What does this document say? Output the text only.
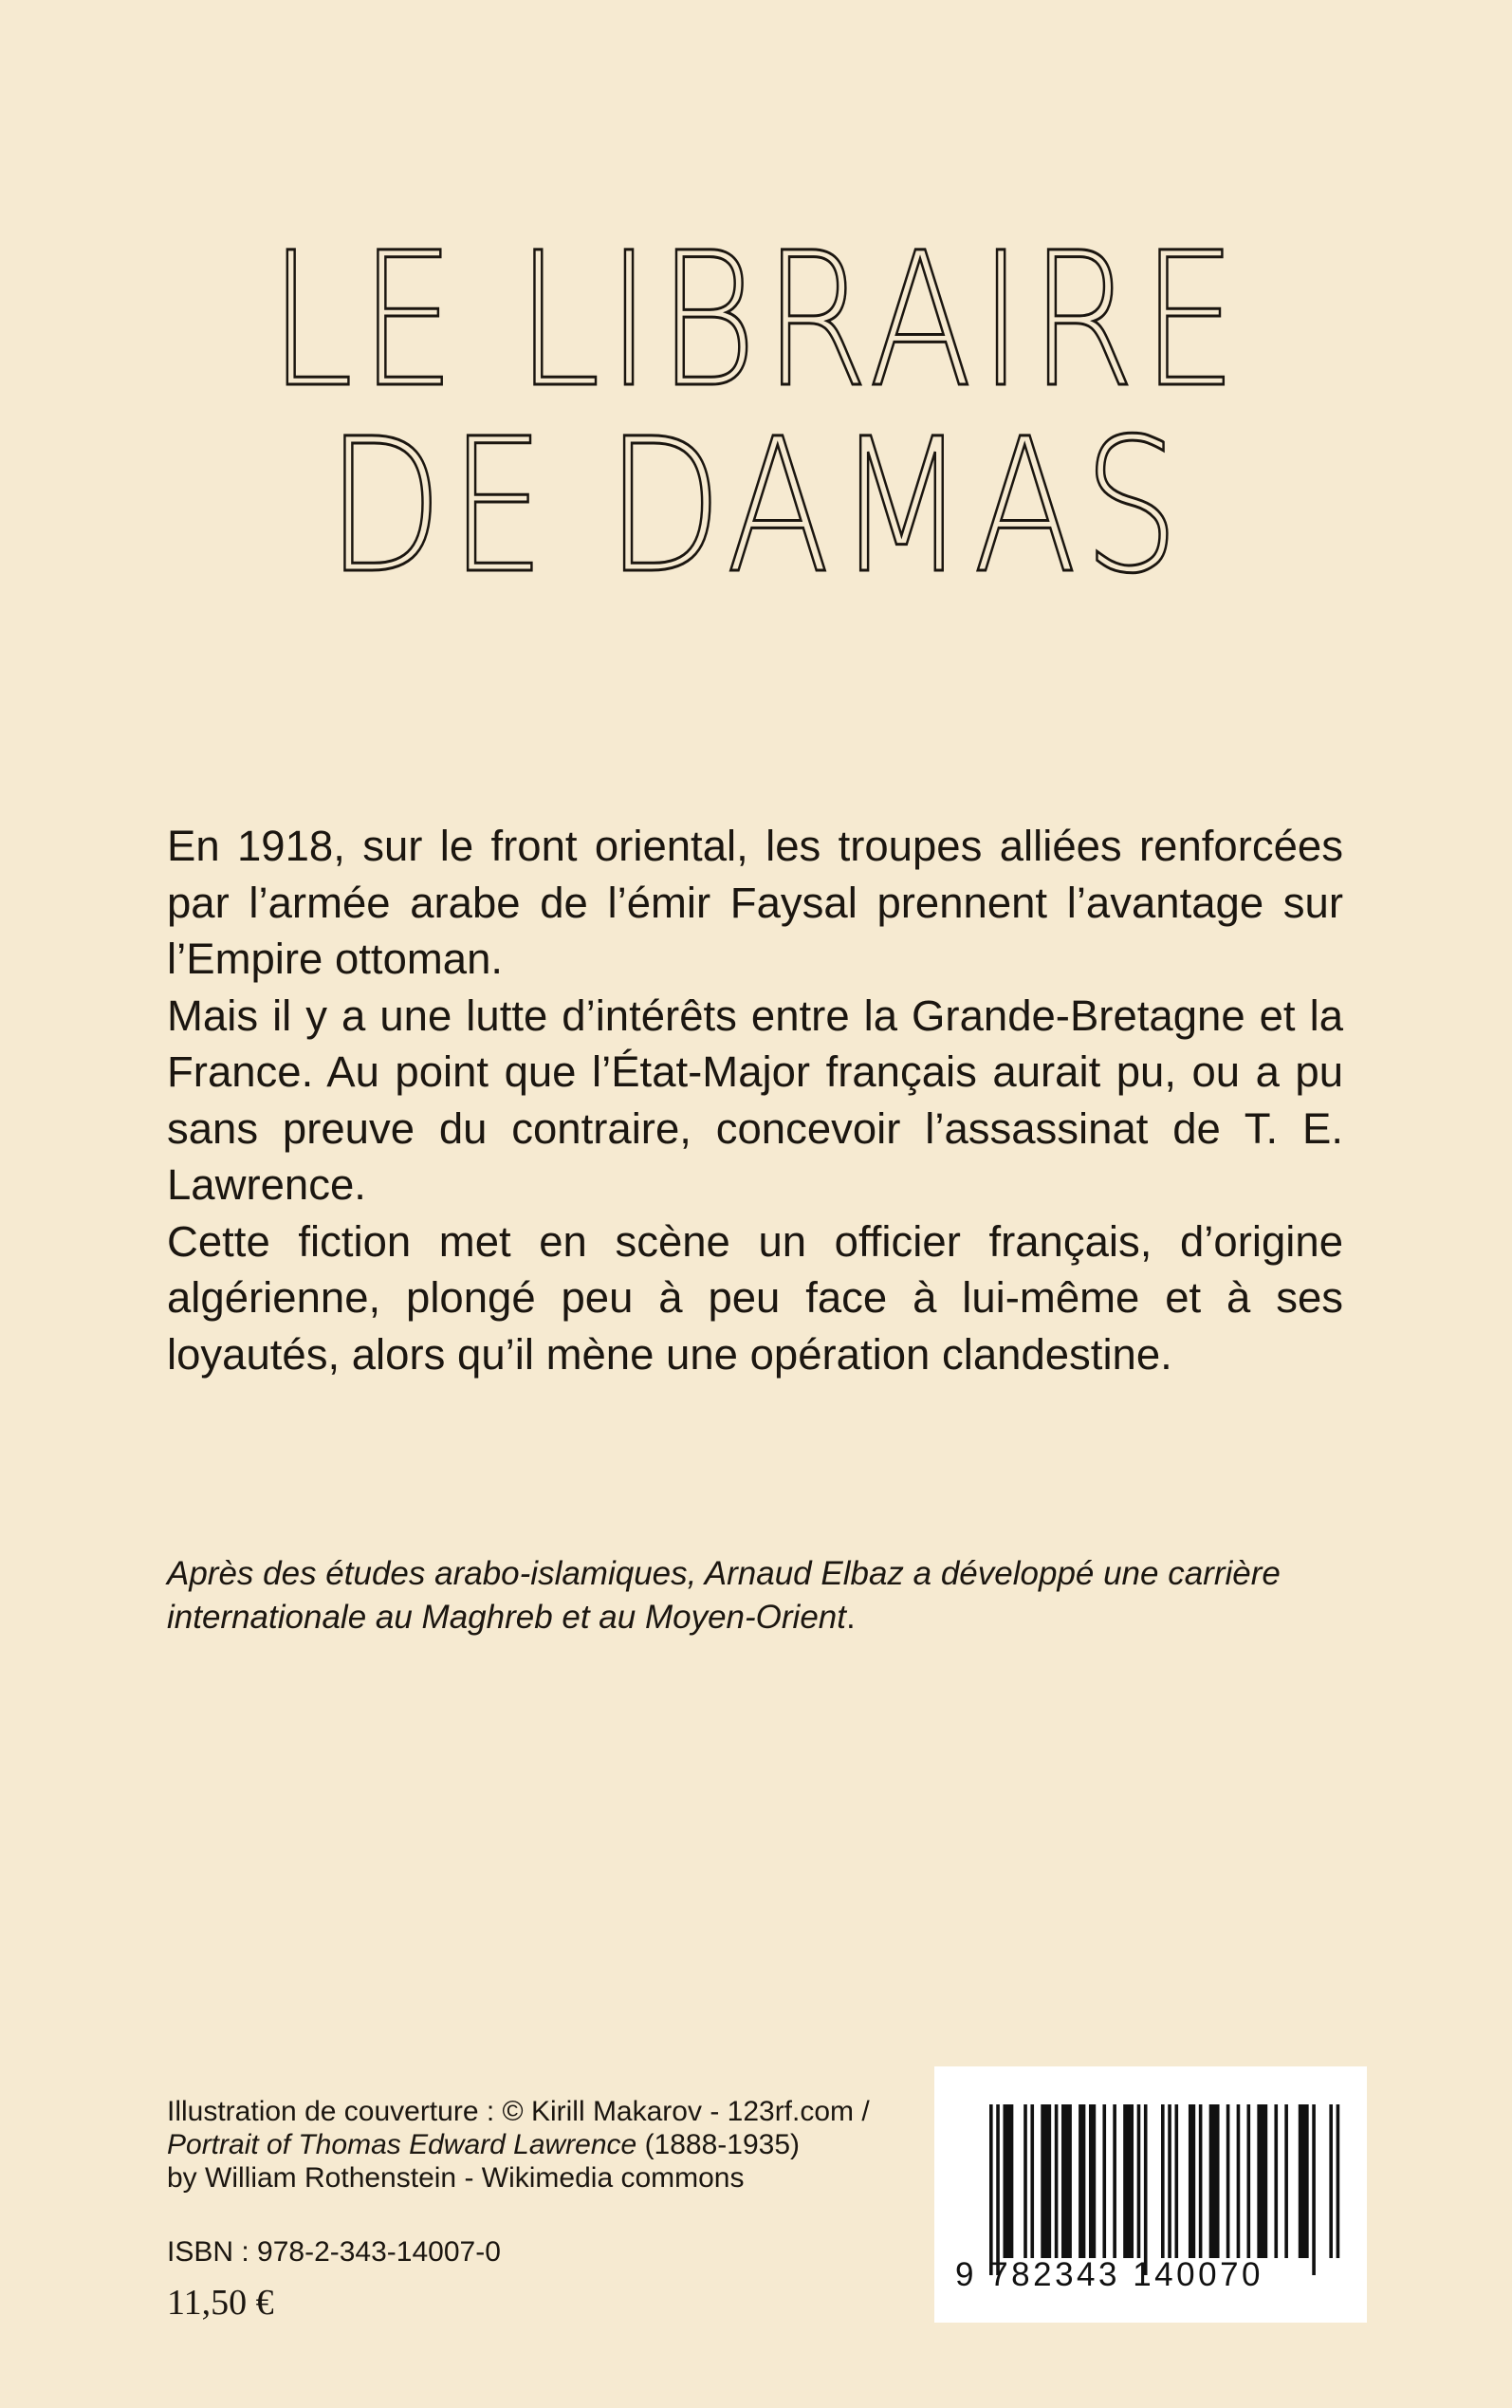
LE LIBRAIRE
DE DAMAS

En 1918, sur le front oriental, les troupes alliées renforcées par l’armée arabe de l’émir Faysal prennent l’avantage sur l’Empire ottoman.

Mais il y a une lutte d’intérêts entre la Grande-Bretagne et la France. Au point que l’État-Major français aurait pu, ou a pu sans preuve du contraire, concevoir l’assassinat de T. E. Lawrence.

Cette fiction met en scène un officier français, d’origine algérienne, plongé peu à peu face à lui-même et à ses loyautés, alors qu’il mène une opération clandestine.

Après des études arabo-islamiques, Arnaud Elbaz a développé une carrière internationale au Maghreb et au Moyen-Orient.

Illustration de couverture : © Kirill Makarov - 123rf.com /
Portrait of Thomas Edward Lawrence (1888-1935)
by William Rothenstein - Wikimedia commons
ISBN : 978-2-343-14007-0
11,50 €
9 782343 140070
